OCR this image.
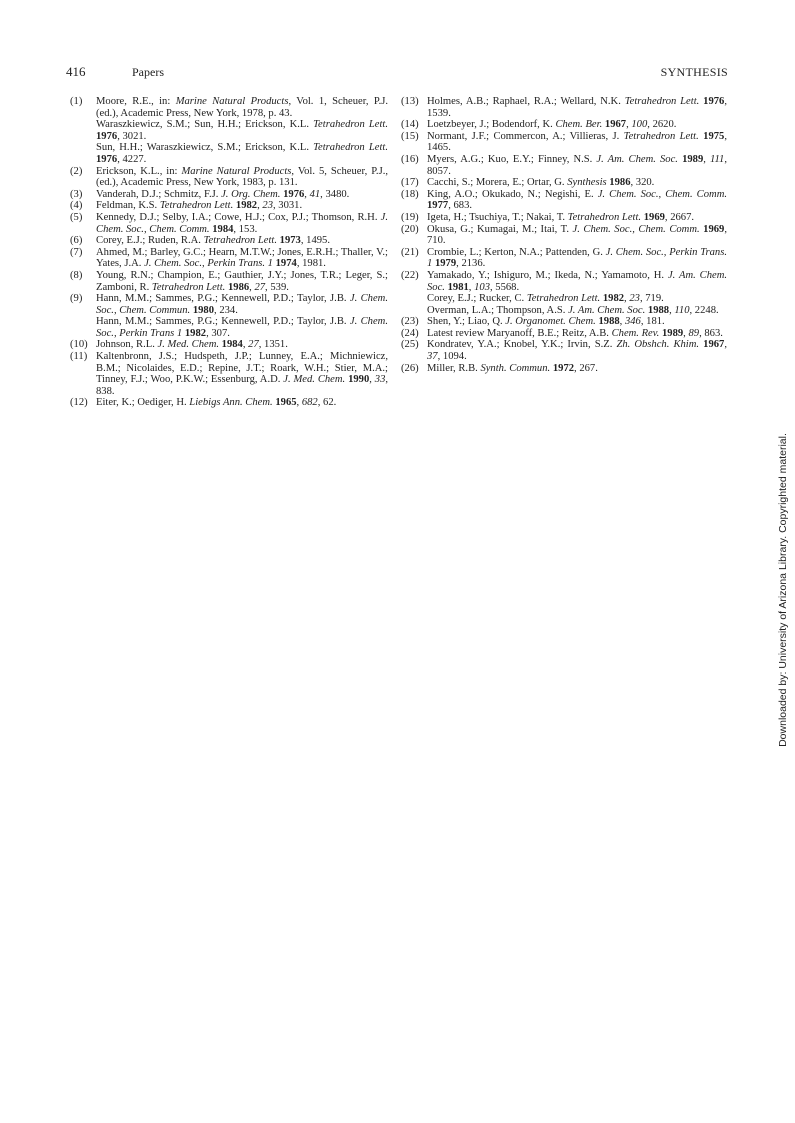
416	Papers	SYNTHESIS
(1)	Moore, R.E., in: Marine Natural Products, Vol. 1, Scheuer, P.J. (ed.), Academic Press, New York, 1978, p. 43.
Waraszkiewicz, S.M.; Sun, H.H.; Erickson, K.L. Tetrahedron Lett. 1976, 3021.
Sun, H.H.; Waraszkiewicz, S.M.; Erickson, K.L. Tetrahedron Lett. 1976, 4227.
(2)	Erickson, K.L., in: Marine Natural Products, Vol. 5, Scheuer, P.J., (ed.), Academic Press, New York, 1983, p. 131.
(3)	Vanderah, D.J.; Schmitz, F.J. J. Org. Chem. 1976, 41, 3480.
(4)	Feldman, K.S. Tetrahedron Lett. 1982, 23, 3031.
(5)	Kennedy, D.J.; Selby, I.A.; Cowe, H.J.; Cox, P.J.; Thomson, R.H. J. Chem. Soc., Chem. Comm. 1984, 153.
(6)	Corey, E.J.; Ruden, R.A. Tetrahedron Lett. 1973, 1495.
(7)	Ahmed, M.; Barley, G.C.; Hearn, M.T.W.; Jones, E.R.H.; Thaller, V.; Yates, J.A. J. Chem. Soc., Perkin Trans. 1 1974, 1981.
(8)	Young, R.N.; Champion, E.; Gauthier, J.Y.; Jones, T.R.; Leger, S.; Zamboni, R. Tetrahedron Lett. 1986, 27, 539.
(9)	Hann, M.M.; Sammes, P.G.; Kennewell, P.D.; Taylor, J.B. J. Chem. Soc., Chem. Commun. 1980, 234.
Hann, M.M.; Sammes, P.G.; Kennewell, P.D.; Taylor, J.B. J. Chem. Soc., Perkin Trans 1 1982, 307.
(10) Johnson, R.L. J. Med. Chem. 1984, 27, 1351.
(11) Kaltenbronn, J.S.; Hudspeth, J.P.; Lunney, E.A.; Michniewicz, B.M.; Nicolaides, E.D.; Repine, J.T.; Roark, W.H.; Stier, M.A.; Tinney, F.J.; Woo, P.K.W.; Essenburg, A.D. J. Med. Chem. 1990, 33, 838.
(12) Eiter, K.; Oediger, H. Liebigs Ann. Chem. 1965, 682, 62.
(13) Holmes, A.B.; Raphael, R.A.; Wellard, N.K. Tetrahedron Lett. 1976, 1539.
(14) Loetzbeyer, J.; Bodendorf, K. Chem. Ber. 1967, 100, 2620.
(15) Normant, J.F.; Commercon, A.; Villieras, J. Tetrahedron Lett. 1975, 1465.
(16) Myers, A.G.; Kuo, E.Y.; Finney, N.S. J. Am. Chem. Soc. 1989, 111, 8057.
(17) Cacchi, S.; Morera, E.; Ortar, G. Synthesis 1986, 320.
(18) King, A.O.; Okukado, N.; Negishi, E. J. Chem. Soc., Chem. Comm. 1977, 683.
(19) Igeta, H.; Tsuchiya, T.; Nakai, T. Tetrahedron Lett. 1969, 2667.
(20) Okusa, G.; Kumagai, M.; Itai, T. J. Chem. Soc., Chem. Comm. 1969, 710.
(21) Crombie, L.; Kerton, N.A.; Pattenden, G. J. Chem. Soc., Perkin Trans. 1 1979, 2136.
(22) Yamakado, Y.; Ishiguro, M.; Ikeda, N.; Yamamoto, H. J. Am. Chem. Soc. 1981, 103, 5568.
Corey, E.J.; Rucker, C. Tetrahedron Lett. 1982, 23, 719.
Overman, L.A.; Thompson, A.S. J. Am. Chem. Soc. 1988, 110, 2248.
(23) Shen, Y.; Liao, Q. J. Organomet. Chem. 1988, 346, 181.
(24) Latest review Maryanoff, B.E.; Reitz, A.B. Chem. Rev. 1989, 89, 863.
(25) Kondratev, Y.A.; Knobel, Y.K.; Irvin, S.Z. Zh. Obshch. Khim. 1967, 37, 1094.
(26) Miller, R.B. Synth. Commun. 1972, 267.
Downloaded by: University of Arizona Library. Copyrighted material.
